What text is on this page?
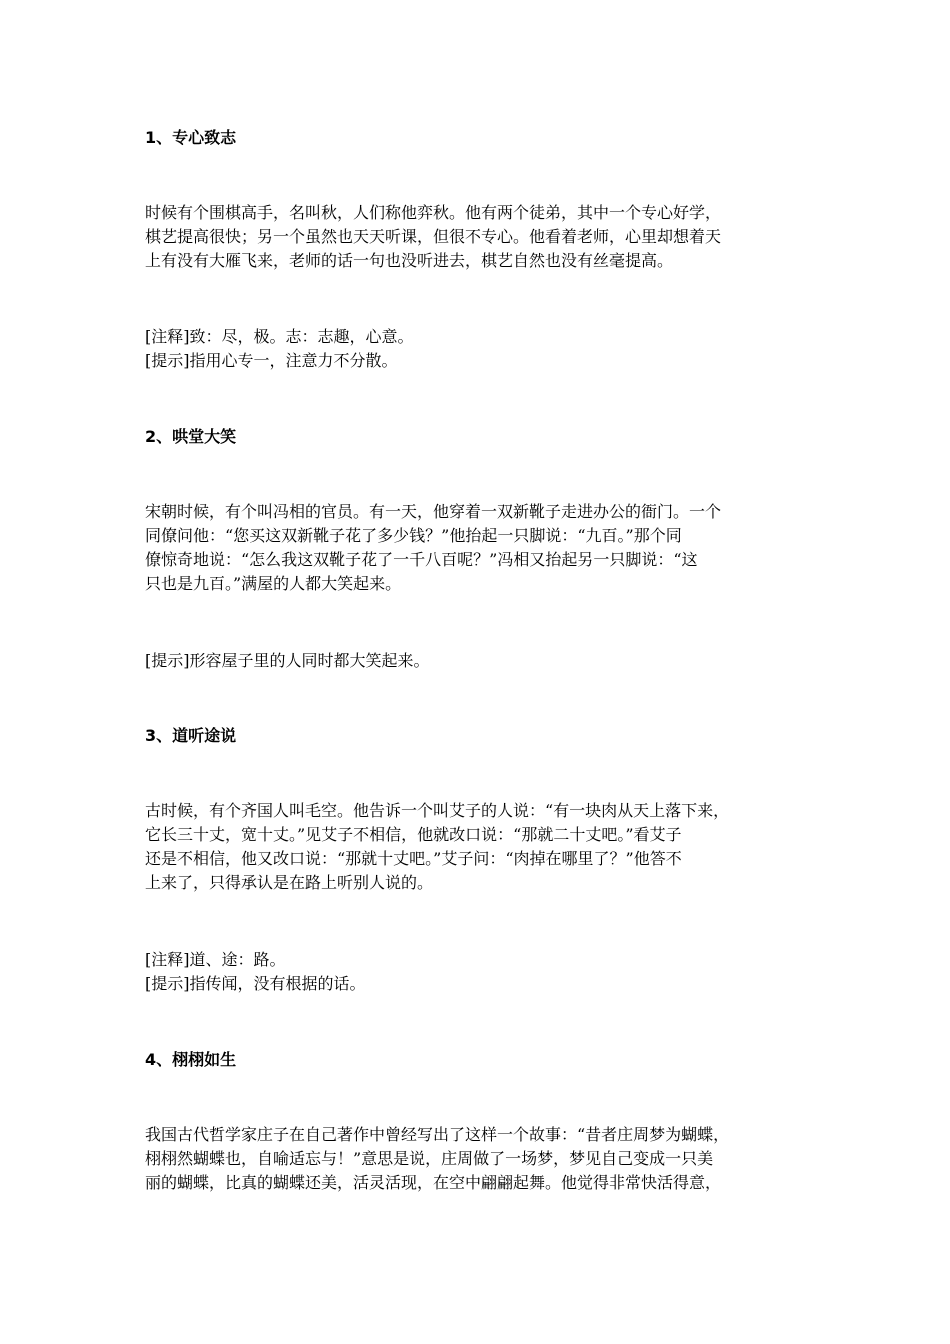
1、专心致志

时候有个围棋高手，名叫秋，人们称他弈秋。他有两个徒弟，其中一个专心好学，
棋艺提高很快；另一个虽然也天天听课，但很不专心。他看着老师，心里却想着天
上有没有大雁飞来，老师的话一句也没听进去，棋艺自然也没有丝毫提高。

[注释]致：尽，极。志：志趣，心意。
[提示]指用心专一，注意力不分散。

2、哄堂大笑

宋朝时候，有个叫冯相的官员。有一天，他穿着一双新靴子走进办公的衙门。一个
同僚问他：“您买这双新靴子花了多少钱？”他抬起一只脚说：“九百。”那个同
僚惊奇地说：“怎么我这双靴子花了一千八百呢？”冯相又抬起另一只脚说：“这
只也是九百。”满屋的人都大笑起来。

[提示]形容屋子里的人同时都大笑起来。

3、道听途说

古时候，有个齐国人叫毛空。他告诉一个叫艾子的人说：“有一块肉从天上落下来，
它长三十丈，宽十丈。”见艾子不相信，他就改口说：“那就二十丈吧。”看艾子
还是不相信，他又改口说：“那就十丈吧。”艾子问：“肉掉在哪里了？”他答不
上来了，只得承认是在路上听别人说的。

[注释]道、途：路。
[提示]指传闻，没有根据的话。

4、栩栩如生

我国古代哲学家庄子在自己著作中曾经写出了这样一个故事：“昔者庄周梦为蝴蝶，
栩栩然蝴蝶也，自喻适忘与！”意思是说，庄周做了一场梦，梦见自己变成一只美
丽的蝴蝶，比真的蝴蝶还美，活灵活现，在空中翩翩起舞。他觉得非常快活得意，
